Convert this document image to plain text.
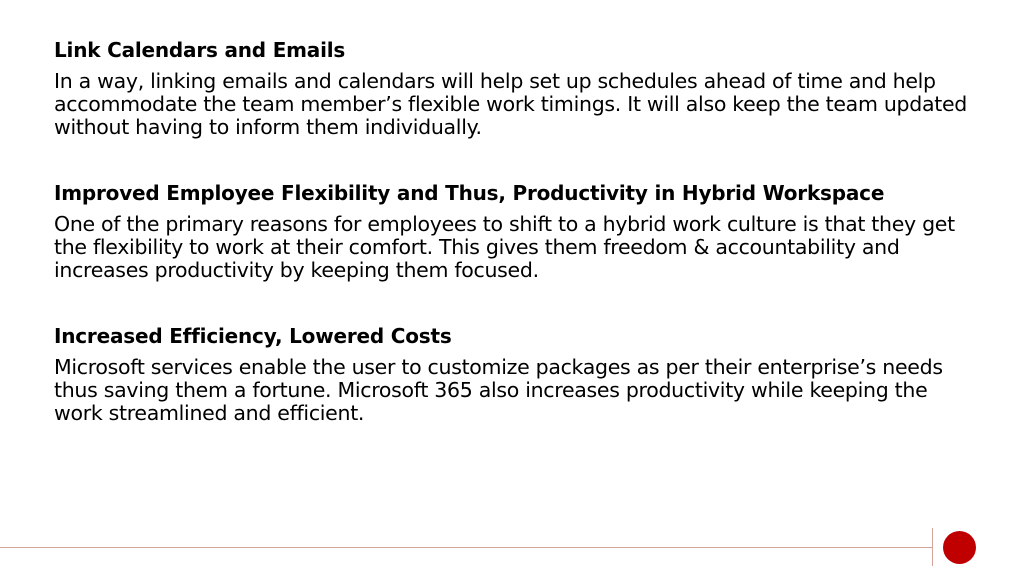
Link Calendars and Emails

In a way, linking emails and calendars will help set up schedules ahead of time and help accommodate the team member’s flexible work timings. It will also keep the team updated without having to inform them individually.

Improved Employee Flexibility and Thus, Productivity in Hybrid Workspace

One of the primary reasons for employees to shift to a hybrid work culture is that they get the flexibility to work at their comfort. This gives them freedom & accountability and increases productivity by keeping them focused.

Increased Efficiency, Lowered Costs

Microsoft services enable the user to customize packages as per their enterprise’s needs thus saving them a fortune. Microsoft 365 also increases productivity while keeping the work streamlined and efficient.
